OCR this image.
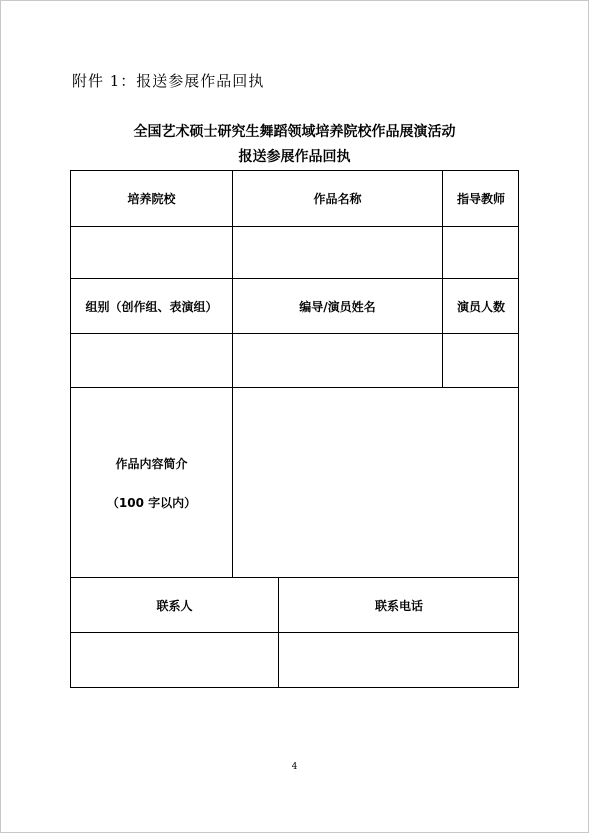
附件 1：报送参展作品回执
全国艺术硕士研究生舞蹈领域培养院校作品展演活动
报送参展作品回执
培养院校	作品名称	指导教师
组别（创作组、表演组）	编导/演员姓名	演员人数
作品内容简介
（100 字以内）
联系人	联系电话
4
